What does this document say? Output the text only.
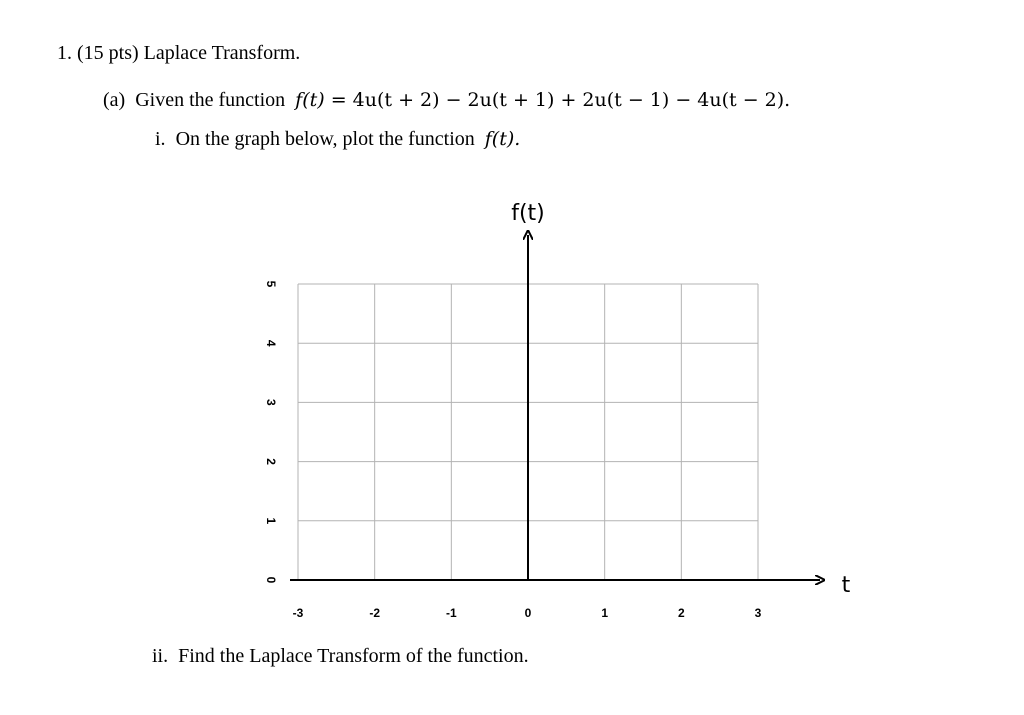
1. (15 pts) Laplace Transform.
(a) Given the function f(t) = 4u(t + 2) − 2u(t + 1) + 2u(t − 1) − 4u(t − 2).
i. On the graph below, plot the function f(t).
0
1
2
3
4
5
-3	-2	-1	0	1	2	3
f(t)
t
ii. Find the Laplace Transform of the function.
